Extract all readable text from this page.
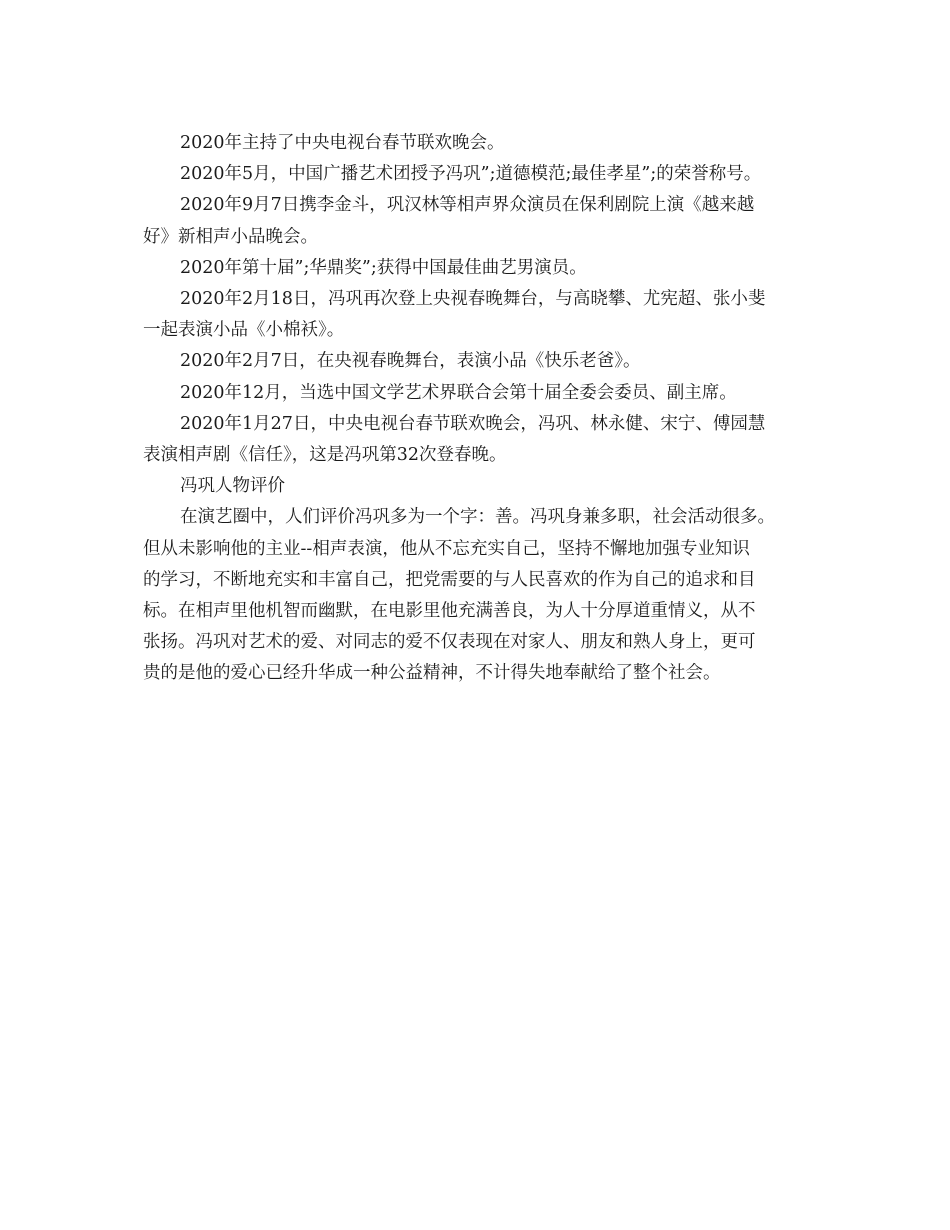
2020年主持了中央电视台春节联欢晚会。
2020年5月，中国广播艺术团授予冯巩”;道德模范;最佳孝星”;的荣誉称号。
2020年9月7日携李金斗，巩汉林等相声界众演员在保利剧院上演《越来越
好》新相声小品晚会。
2020年第十届”;华鼎奖”;获得中国最佳曲艺男演员。
2020年2月18日，冯巩再次登上央视春晚舞台，与高晓攀、尤宪超、张小斐
一起表演小品《小棉袄》。
2020年2月7日，在央视春晚舞台，表演小品《快乐老爸》。
2020年12月，当选中国文学艺术界联合会第十届全委会委员、副主席。
2020年1月27日，中央电视台春节联欢晚会，冯巩、林永健、宋宁、傅园慧
表演相声剧《信任》，这是冯巩第32次登春晚。
冯巩人物评价
在演艺圈中，人们评价冯巩多为一个字：善。冯巩身兼多职，社会活动很多。
但从未影响他的主业--相声表演，他从不忘充实自己，坚持不懈地加强专业知识
的学习，不断地充实和丰富自己，把党需要的与人民喜欢的作为自己的追求和目
标。在相声里他机智而幽默，在电影里他充满善良，为人十分厚道重情义，从不
张扬。冯巩对艺术的爱、对同志的爱不仅表现在对家人、朋友和熟人身上，更可
贵的是他的爱心已经升华成一种公益精神，不计得失地奉献给了整个社会。
